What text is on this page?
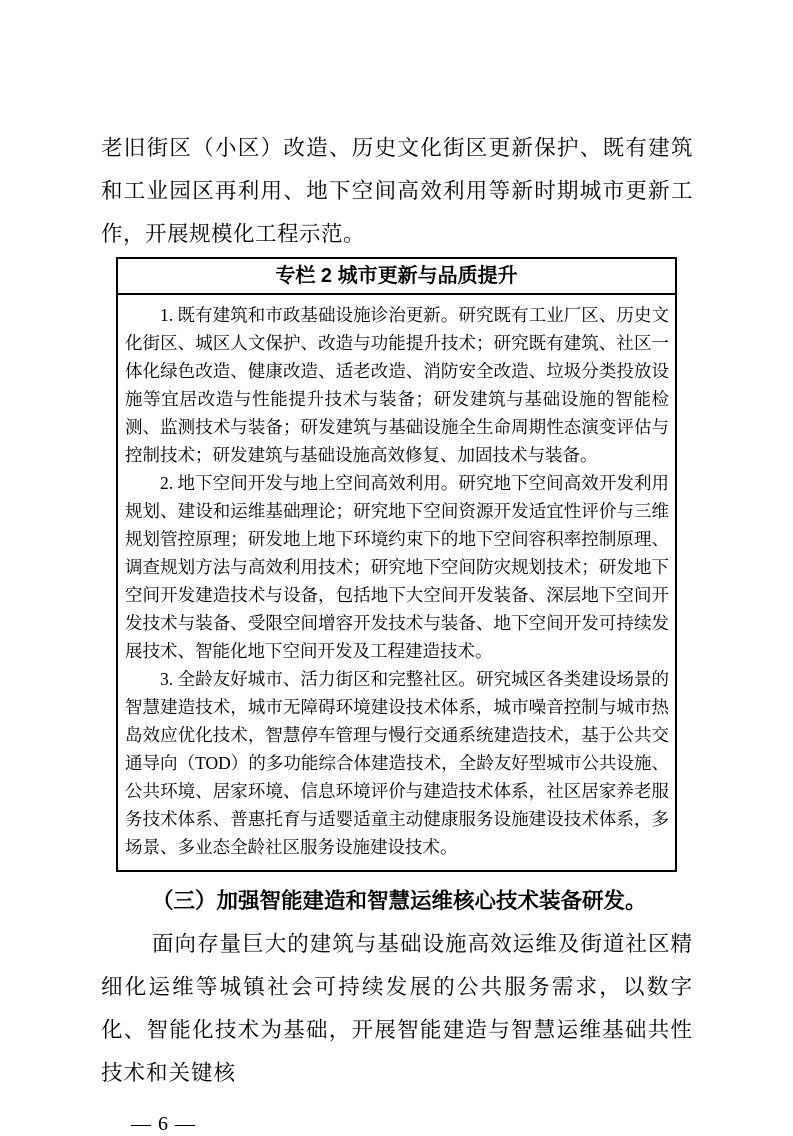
老旧街区（小区）改造、历史文化街区更新保护、既有建筑和工业园区再利用、地下空间高效利用等新时期城市更新工作，开展规模化工程示范。

专栏 2 城市更新与品质提升

1. 既有建筑和市政基础设施诊治更新。研究既有工业厂区、历史文化街区、城区人文保护、改造与功能提升技术；研究既有建筑、社区一体化绿色改造、健康改造、适老改造、消防安全改造、垃圾分类投放设施等宜居改造与性能提升技术与装备；研发建筑与基础设施的智能检测、监测技术与装备；研发建筑与基础设施全生命周期性态演变评估与控制技术；研发建筑与基础设施高效修复、加固技术与装备。

2. 地下空间开发与地上空间高效利用。研究地下空间高效开发利用规划、建设和运维基础理论；研究地下空间资源开发适宜性评价与三维规划管控原理；研发地上地下环境约束下的地下空间容积率控制原理、调查规划方法与高效利用技术；研究地下空间防灾规划技术；研发地下空间开发建造技术与设备，包括地下大空间开发装备、深层地下空间开发技术与装备、受限空间增容开发技术与装备、地下空间开发可持续发展技术、智能化地下空间开发及工程建造技术。

3. 全龄友好城市、活力街区和完整社区。研究城区各类建设场景的智慧建造技术，城市无障碍环境建设技术体系，城市噪音控制与城市热岛效应优化技术，智慧停车管理与慢行交通系统建造技术，基于公共交通导向（TOD）的多功能综合体建造技术，全龄友好型城市公共设施、公共环境、居家环境、信息环境评价与建造技术体系，社区居家养老服务技术体系、普惠托育与适婴适童主动健康服务设施建设技术体系，多场景、多业态全龄社区服务设施建设技术。

（三）加强智能建造和智慧运维核心技术装备研发。

面向存量巨大的建筑与基础设施高效运维及街道社区精细化运维等城镇社会可持续发展的公共服务需求，以数字化、智能化技术为基础，开展智能建造与智慧运维基础共性技术和关键核

— 6 —
